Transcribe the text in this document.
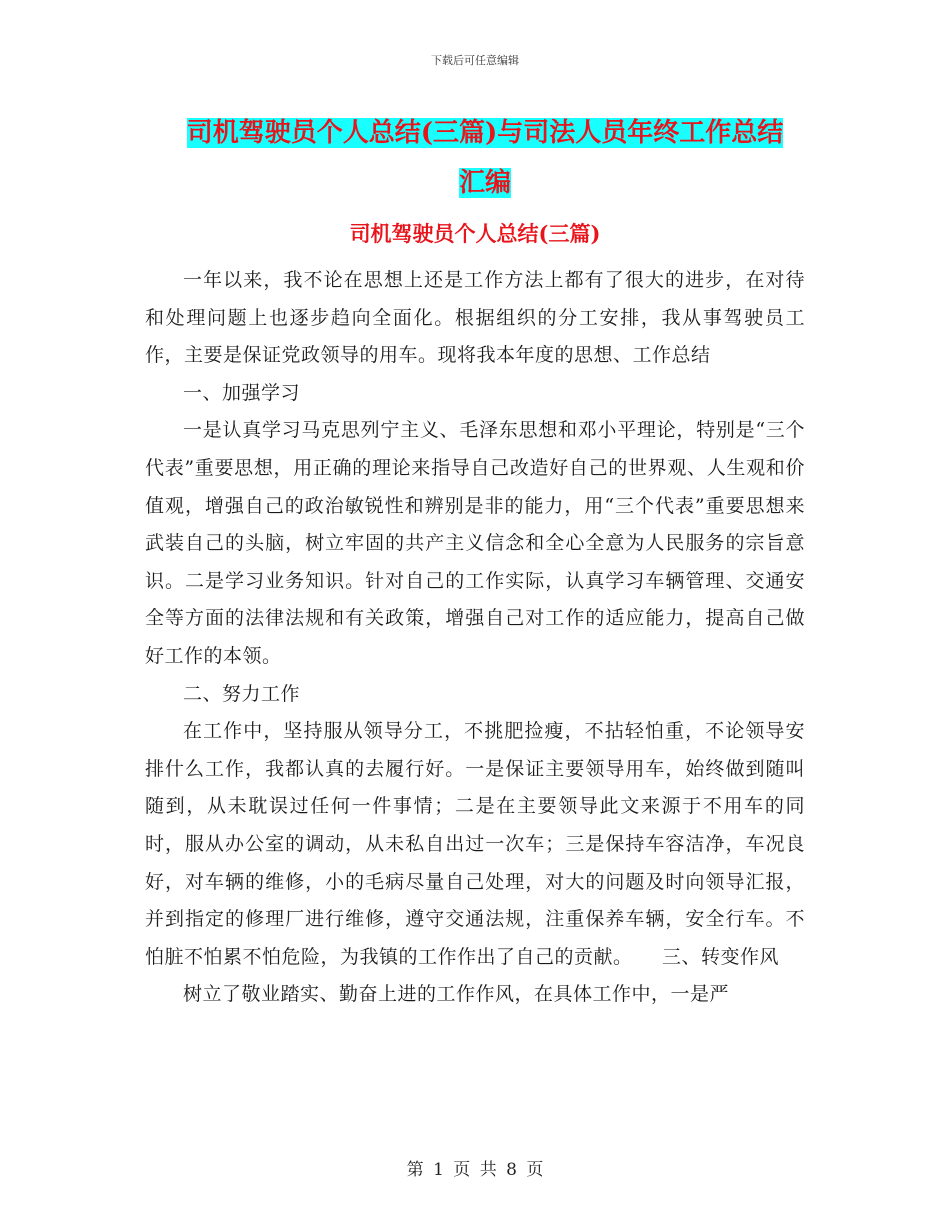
下载后可任意编辑
司机驾驶员个人总结(三篇)与司法人员年终工作总结
汇编
司机驾驶员个人总结(三篇)

一年以来，我不论在思想上还是工作方法上都有了很大的进步，在对待和处理问题上也逐步趋向全面化。根据组织的分工安排，我从事驾驶员工作，主要是保证党政领导的用车。现将我本年度的思想、工作总结

一、加强学习

一是认真学习马克思列宁主义、毛泽东思想和邓小平理论，特别是“三个代表”重要思想，用正确的理论来指导自己改造好自己的世界观、人生观和价值观，增强自己的政治敏锐性和辨别是非的能力，用“三个代表”重要思想来武装自己的头脑，树立牢固的共产主义信念和全心全意为人民服务的宗旨意识。二是学习业务知识。针对自己的工作实际，认真学习车辆管理、交通安全等方面的法律法规和有关政策，增强自己对工作的适应能力，提高自己做好工作的本领。

二、努力工作

在工作中，坚持服从领导分工，不挑肥捡瘦，不拈轻怕重，不论领导安排什么工作，我都认真的去履行好。一是保证主要领导用车，始终做到随叫随到，从未耽误过任何一件事情；二是在主要领导此文来源于不用车的同时，服从办公室的调动，从未私自出过一次车；三是保持车容洁净，车况良好，对车辆的维修，小的毛病尽量自己处理，对大的问题及时向领导汇报，并到指定的修理厂进行维修，遵守交通法规，注重保养车辆，安全行车。不怕脏不怕累不怕危险，为我镇的工作作出了自己的贡献。　　三、转变作风

树立了敬业踏实、勤奋上进的工作作风，在具体工作中，一是严

第 1 页 共 8 页
